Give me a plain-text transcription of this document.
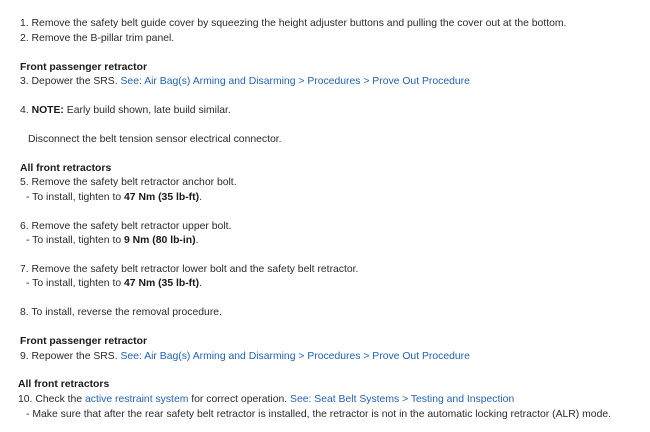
1. Remove the safety belt guide cover by squeezing the height adjuster buttons and pulling the cover out at the bottom.
2. Remove the B-pillar trim panel.
Front passenger retractor
3. Depower the SRS. See: Air Bag(s) Arming and Disarming > Procedures > Prove Out Procedure
4. NOTE: Early build shown, late build similar.
Disconnect the belt tension sensor electrical connector.
All front retractors
5. Remove the safety belt retractor anchor bolt.
- To install, tighten to 47 Nm (35 lb-ft).
6. Remove the safety belt retractor upper bolt.
- To install, tighten to 9 Nm (80 lb-in).
7. Remove the safety belt retractor lower bolt and the safety belt retractor.
- To install, tighten to 47 Nm (35 lb-ft).
8. To install, reverse the removal procedure.
Front passenger retractor
9. Repower the SRS. See: Air Bag(s) Arming and Disarming > Procedures > Prove Out Procedure
All front retractors
10. Check the active restraint system for correct operation. See: Seat Belt Systems > Testing and Inspection
- Make sure that after the rear safety belt retractor is installed, the retractor is not in the automatic locking retractor (ALR) mode.
